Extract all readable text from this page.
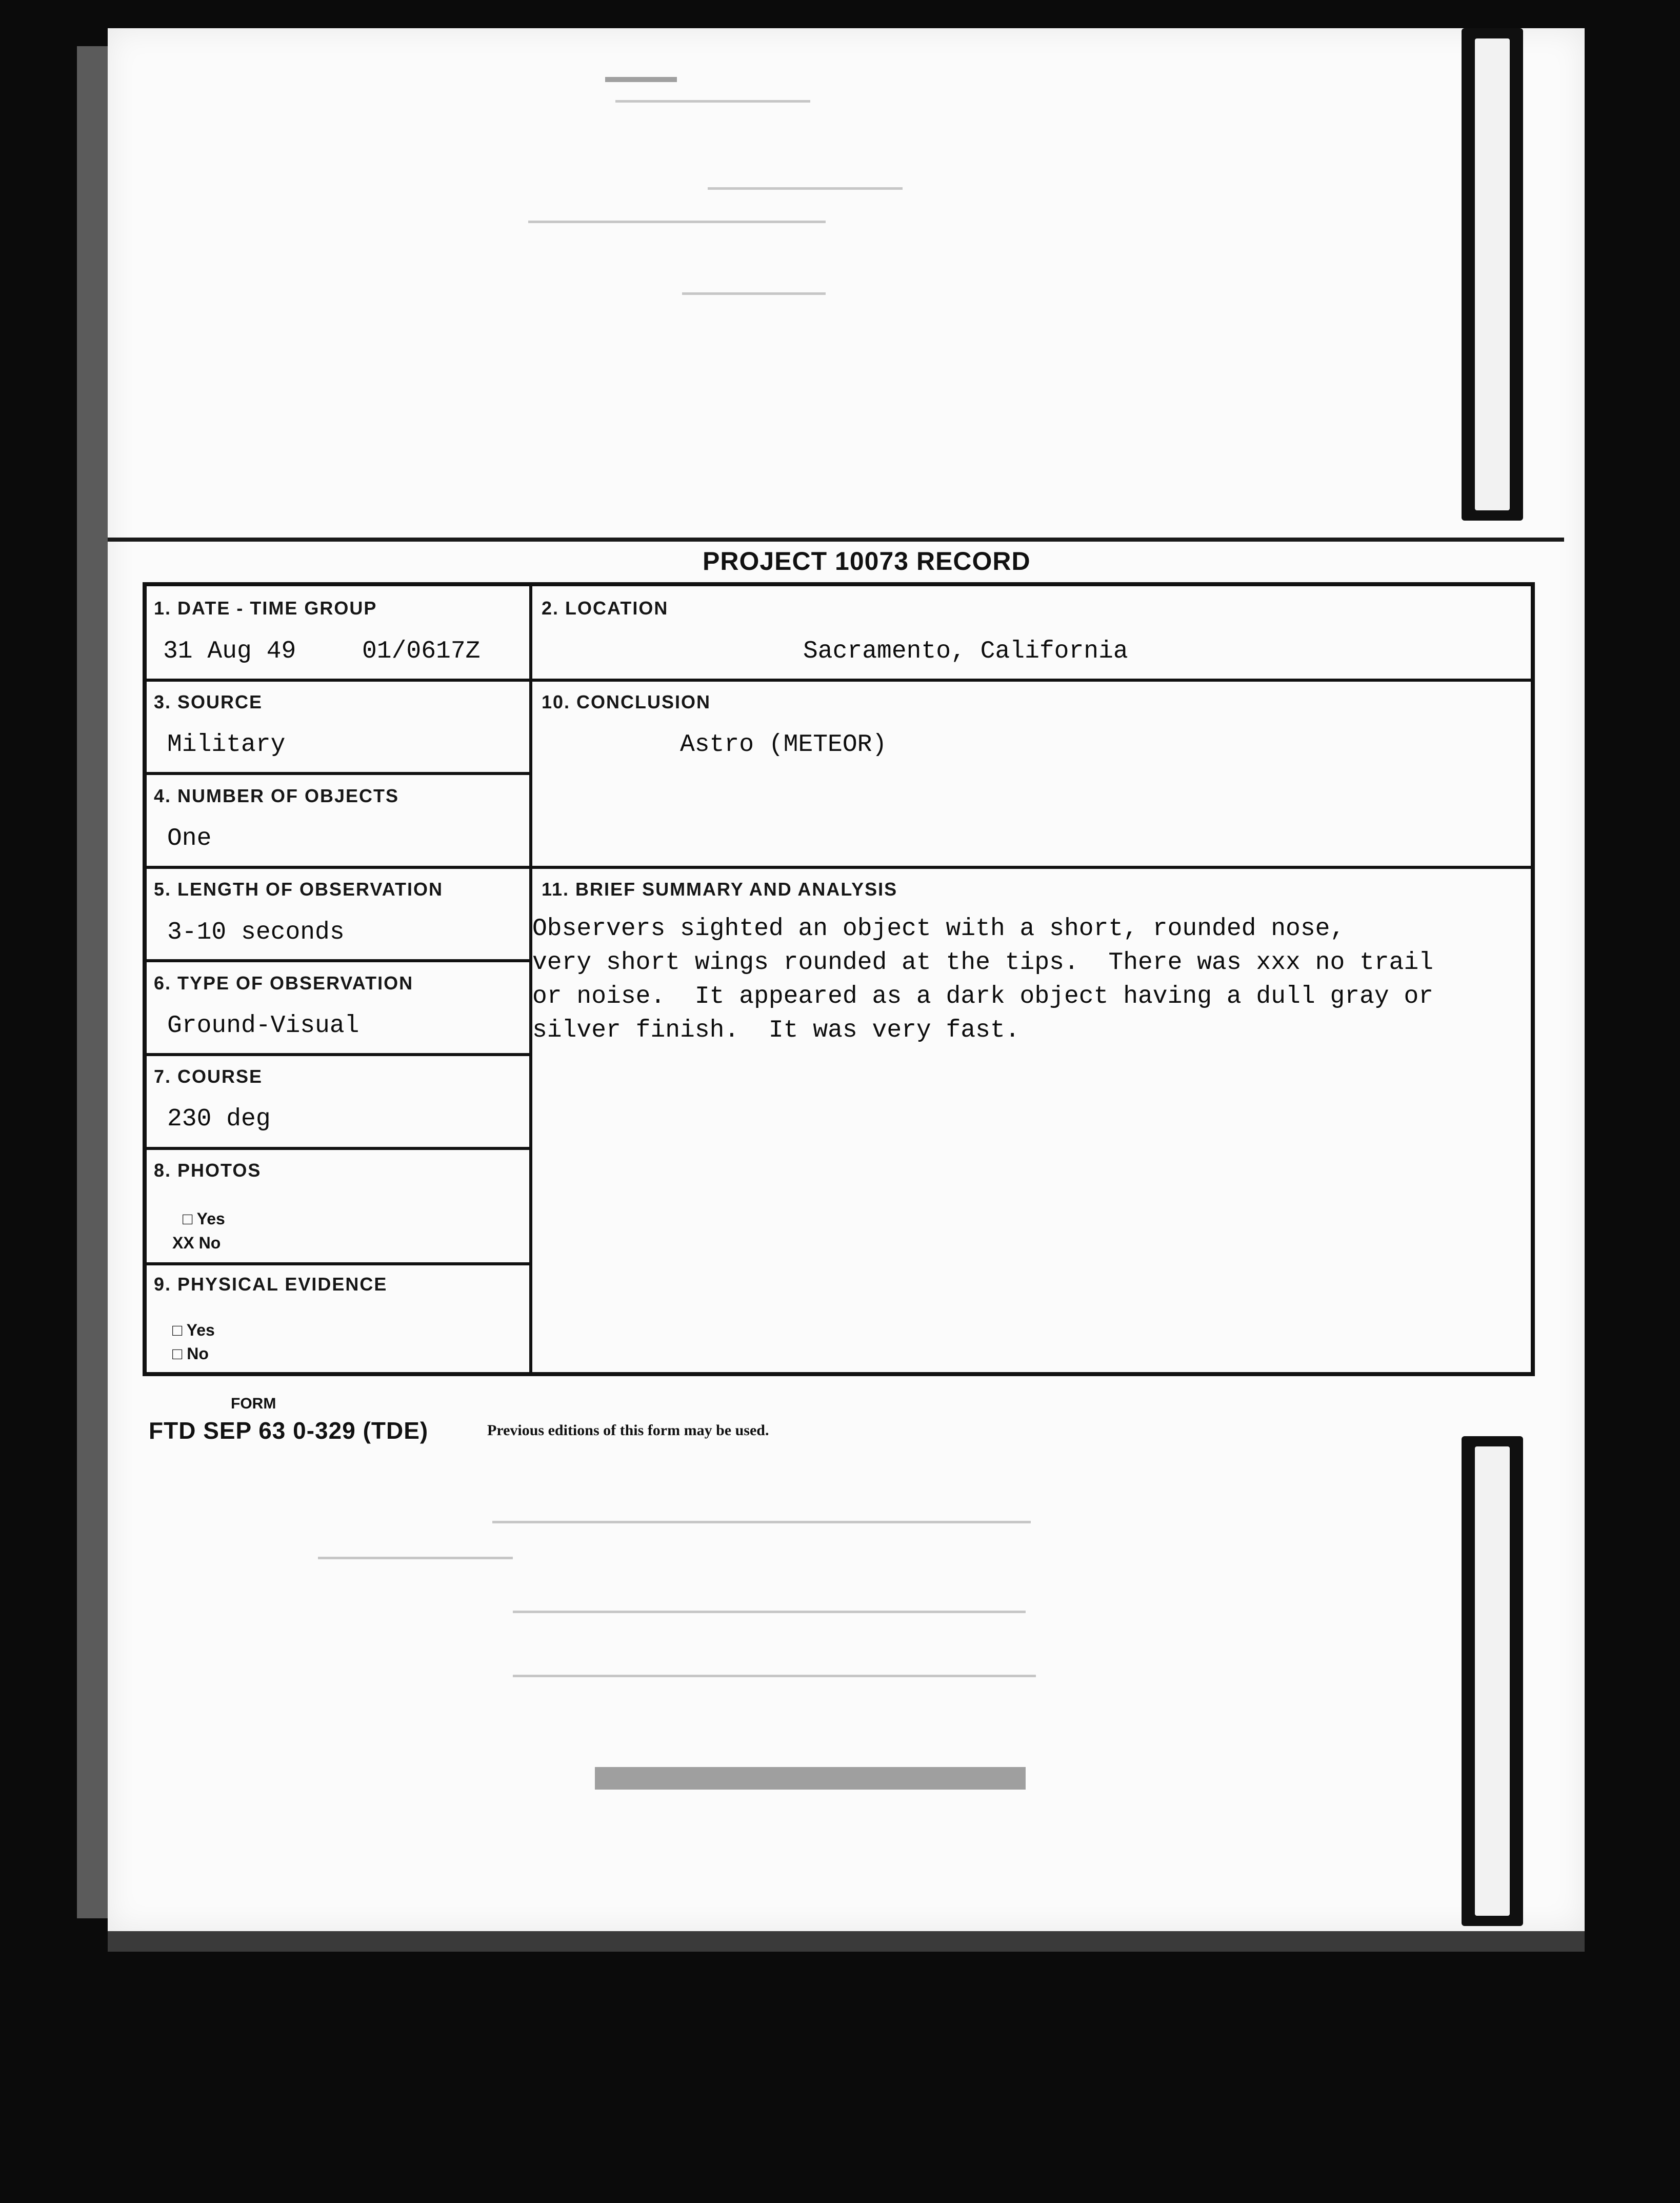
PROJECT 10073 RECORD
1. DATE - TIME GROUP
31 Aug 49	01/0617Z
2. LOCATION
Sacramento, California
3. SOURCE
Military
10. CONCLUSION
Astro (METEOR)
4. NUMBER OF OBJECTS
One
5. LENGTH OF OBSERVATION
3-10 seconds
11. BRIEF SUMMARY AND ANALYSIS
Observers sighted an object with a short, rounded nose,
very short wings rounded at the tips.  There was xxx no trail
or noise.  It appeared as a dark object having a dull gray or
silver finish.  It was very fast.
6. TYPE OF OBSERVATION
Ground-Visual
7. COURSE
230 deg
8. PHOTOS
□ Yes
XX No
9. PHYSICAL EVIDENCE
□ Yes
□ No
FORM
FTD SEP 63 0-329 (TDE)	Previous editions of this form may be used.
